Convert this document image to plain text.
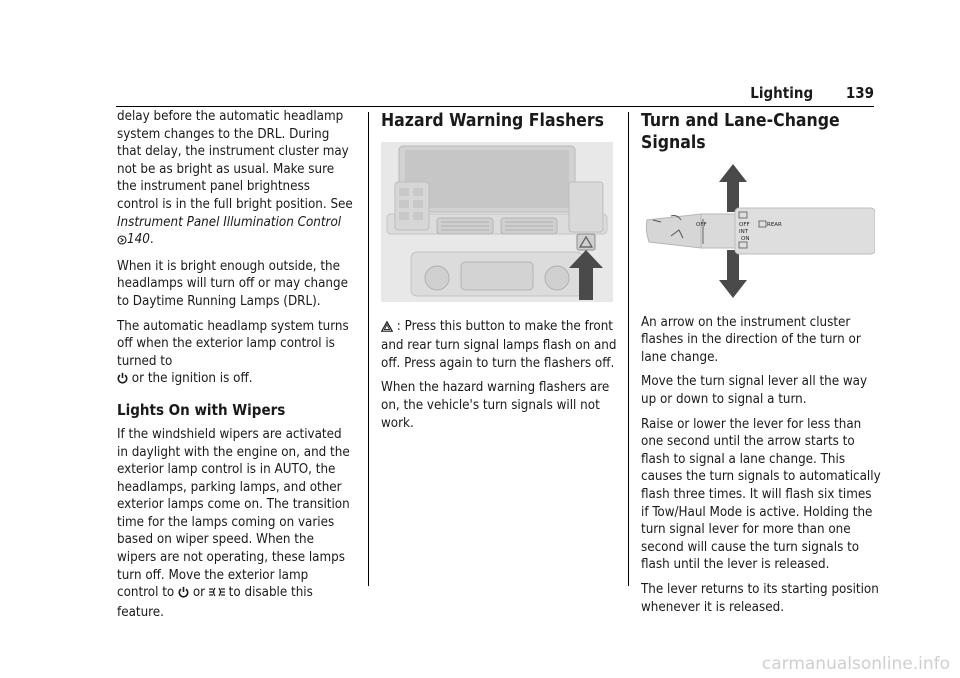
Lighting 139

delay before the automatic headlamp system changes to the DRL. During that delay, the instrument cluster may not be as bright as usual. Make sure the instrument panel brightness control is in the full bright position. See Instrument Panel Illumination Control 140.

When it is bright enough outside, the headlamps will turn off or may change to Daytime Running Lamps (DRL).

The automatic headlamp system turns off when the exterior lamp control is turned to
or the ignition is off.

Lights On with Wipers

If the windshield wipers are activated in daylight with the engine on, and the exterior lamp control is in AUTO, the headlamps, parking lamps, and other exterior lamps come on. The transition time for the lamps coming on varies based on wiper speed. When the wipers are not operating, these lamps turn off. Move the exterior lamp control to  or  to disable this feature.

Hazard Warning Flashers

: Press this button to make the front and rear turn signal lamps flash on and off. Press again to turn the flashers off.

When the hazard warning flashers are on, the vehicle's turn signals will not work.

Turn and Lane-Change Signals
OFF	OFF
INT
ON
REAR

An arrow on the instrument cluster flashes in the direction of the turn or lane change.

Move the turn signal lever all the way up or down to signal a turn.

Raise or lower the lever for less than one second until the arrow starts to flash to signal a lane change. This causes the turn signals to automatically flash three times. It will flash six times if Tow/Haul Mode is active. Holding the turn signal lever for more than one second will cause the turn signals to flash until the lever is released.

The lever returns to its starting position whenever it is released.

carmanualsonline.info
